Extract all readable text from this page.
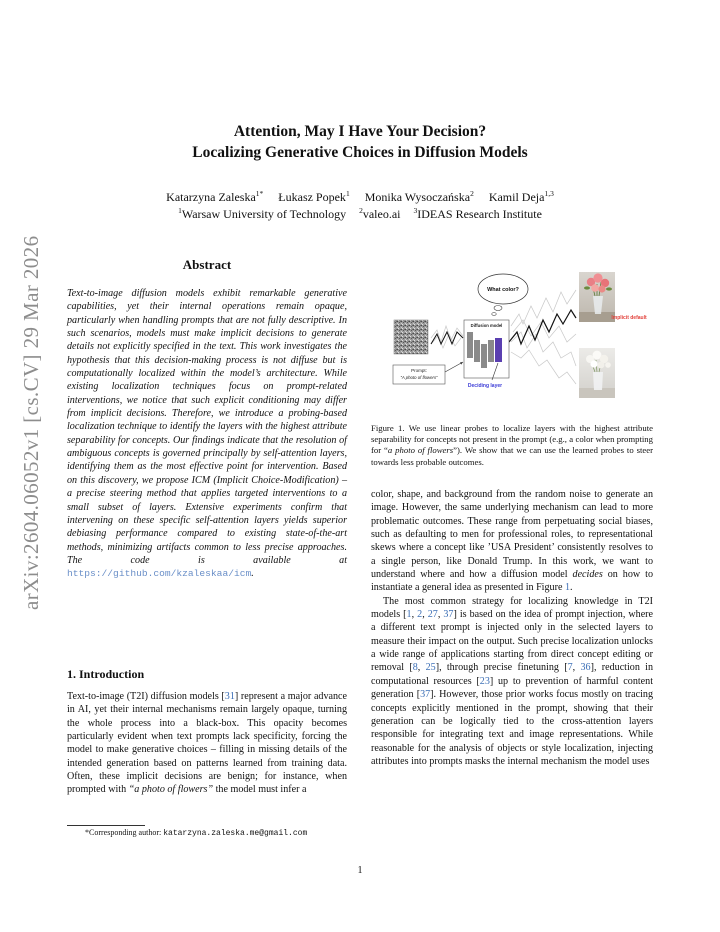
arXiv:2604.06052v1 [cs.CV] 29 Mar 2026
Attention, May I Have Your Decision?
Localizing Generative Choices in Diffusion Models
Katarzyna Zaleska$^{1*}$ Łukasz Popek$^1$ Monika Wysoczańska$^2$ Kamil Deja$^{1,3}$
$^1$Warsaw University of Technology $^2$valeo.ai $^3$IDEAS Research Institute
Abstract
Text-to-image diffusion models exhibit remarkable generative capabilities, yet their internal operations remain opaque, particularly when handling prompts that are not fully descriptive. In such scenarios, models must make implicit decisions to generate details not explicitly specified in the text. This work investigates the hypothesis that this decision-making process is not diffuse but is computationally localized within the model’s architecture. While existing localization techniques focus on prompt-related interventions, we notice that such explicit conditioning may differ from implicit decisions. Therefore, we introduce a probing-based localization technique to identify the layers with the highest attribute separability for concepts. Our findings indicate that the resolution of ambiguous concepts is governed principally by self-attention layers, identifying them as the most effective point for intervention. Based on this discovery, we propose ICM (Implicit Choice-Modification) – a precise steering method that applies targeted interventions to a small subset of layers. Extensive experiments confirm that intervening on these specific self-attention layers yields superior debiasing performance compared to existing state-of-the-art methods, minimizing artifacts common to less precise approaches. The code is available at https://github.com/kzaleskaa/icm.
1. Introduction
Text-to-image (T2I) diffusion models [31] represent a major advance in AI, yet their internal mechanisms remain largely opaque, turning the whole process into a black-box. This opacity becomes particularly evident when text prompts lack specificity, forcing the model to make generative choices – filling in missing details of the intended generation based on patterns learned from training data. Often, these implicit decisions are benign; for instance, when prompted with “a photo of flowers” the model must infer a
*Corresponding author: katarzyna.zaleska.me@gmail.com
Diffusion model
What color?
Prompt:
“A photo of flowers”
Deciding layer
Implicit default
Figure 1. We use linear probes to localize layers with the highest attribute separability for concepts not present in the prompt (e.g., a color when prompting for “a photo of flowers”). We show that we can use the learned probes to steer towards less probable outcomes.

color, shape, and background from the random noise to generate an image. However, the same underlying mechanism can lead to more problematic outcomes. These range from perpetuating social biases, such as defaulting to men for professional roles, to representational skews where a concept like ’USA President’ consistently resolves to a single person, like Donald Trump. In this work, we want to understand where and how a diffusion model decides on how to instantiate a general idea as presented in Figure 1.

The most common strategy for localizing knowledge in T2I models [1, 2, 27, 37] is based on the idea of prompt injection, where a different text prompt is injected only in the selected layers to measure their impact on the output. Such precise localization unlocks a wide range of applications starting from direct concept editing or removal [8, 25], through precise finetuning [7, 36], reduction in computational resources [23] up to prevention of harmful content generation [37]. However, those prior works focus mostly on tracing concepts explicitly mentioned in the prompt, showing that their generation can be logically tied to the cross-attention layers responsible for integrating text and image representations. While reasonable for the analysis of objects or style localization, injecting attributes into prompts masks the internal mechanism the model uses

1
